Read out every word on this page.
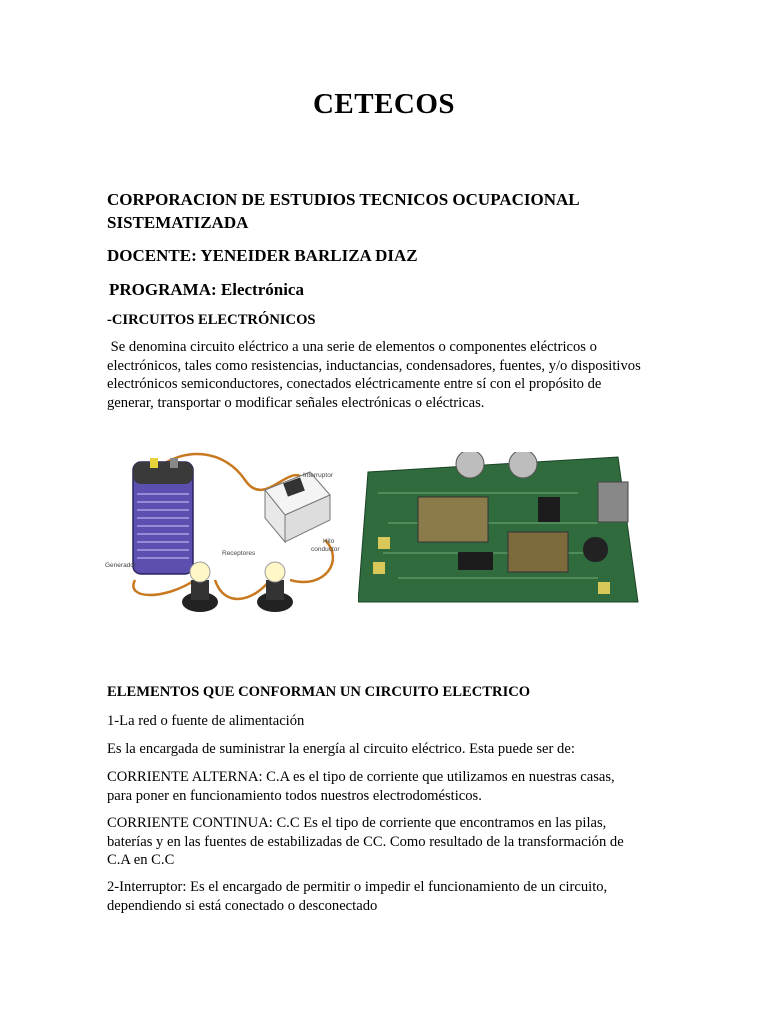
CETECOS
CORPORACION DE ESTUDIOS TECNICOS OCUPACIONAL
SISTEMATIZADA
DOCENTE: YENEIDER BARLIZA DIAZ
PROGRAMA: Electrónica
-CIRCUITOS ELECTRÓNICOS
Se denomina circuito eléctrico a una serie de elementos o componentes eléctricos o
electrónicos, tales como resistencias, inductancias, condensadores, fuentes, y/o dispositivos
electrónicos semiconductores, conectados eléctricamente entre sí con el propósito de
generar, transportar o modificar señales electrónicas o eléctricas.
Interruptor
Generador
Receptores
Hilo
conductor
ELEMENTOS QUE CONFORMAN UN CIRCUITO ELECTRICO
1-La red o fuente de alimentación
Es la encargada de suministrar la energía al circuito eléctrico. Esta puede ser de:
CORRIENTE ALTERNA: C.A es el tipo de corriente que utilizamos en nuestras casas,
para poner en funcionamiento todos nuestros electrodomésticos.
CORRIENTE CONTINUA: C.C Es el tipo de corriente que encontramos en las pilas,
baterías y en las fuentes de estabilizadas de CC. Como resultado de la transformación de
C.A en C.C
2-Interruptor: Es el encargado de permitir o impedir el funcionamiento de un circuito,
dependiendo si está conectado o desconectado
